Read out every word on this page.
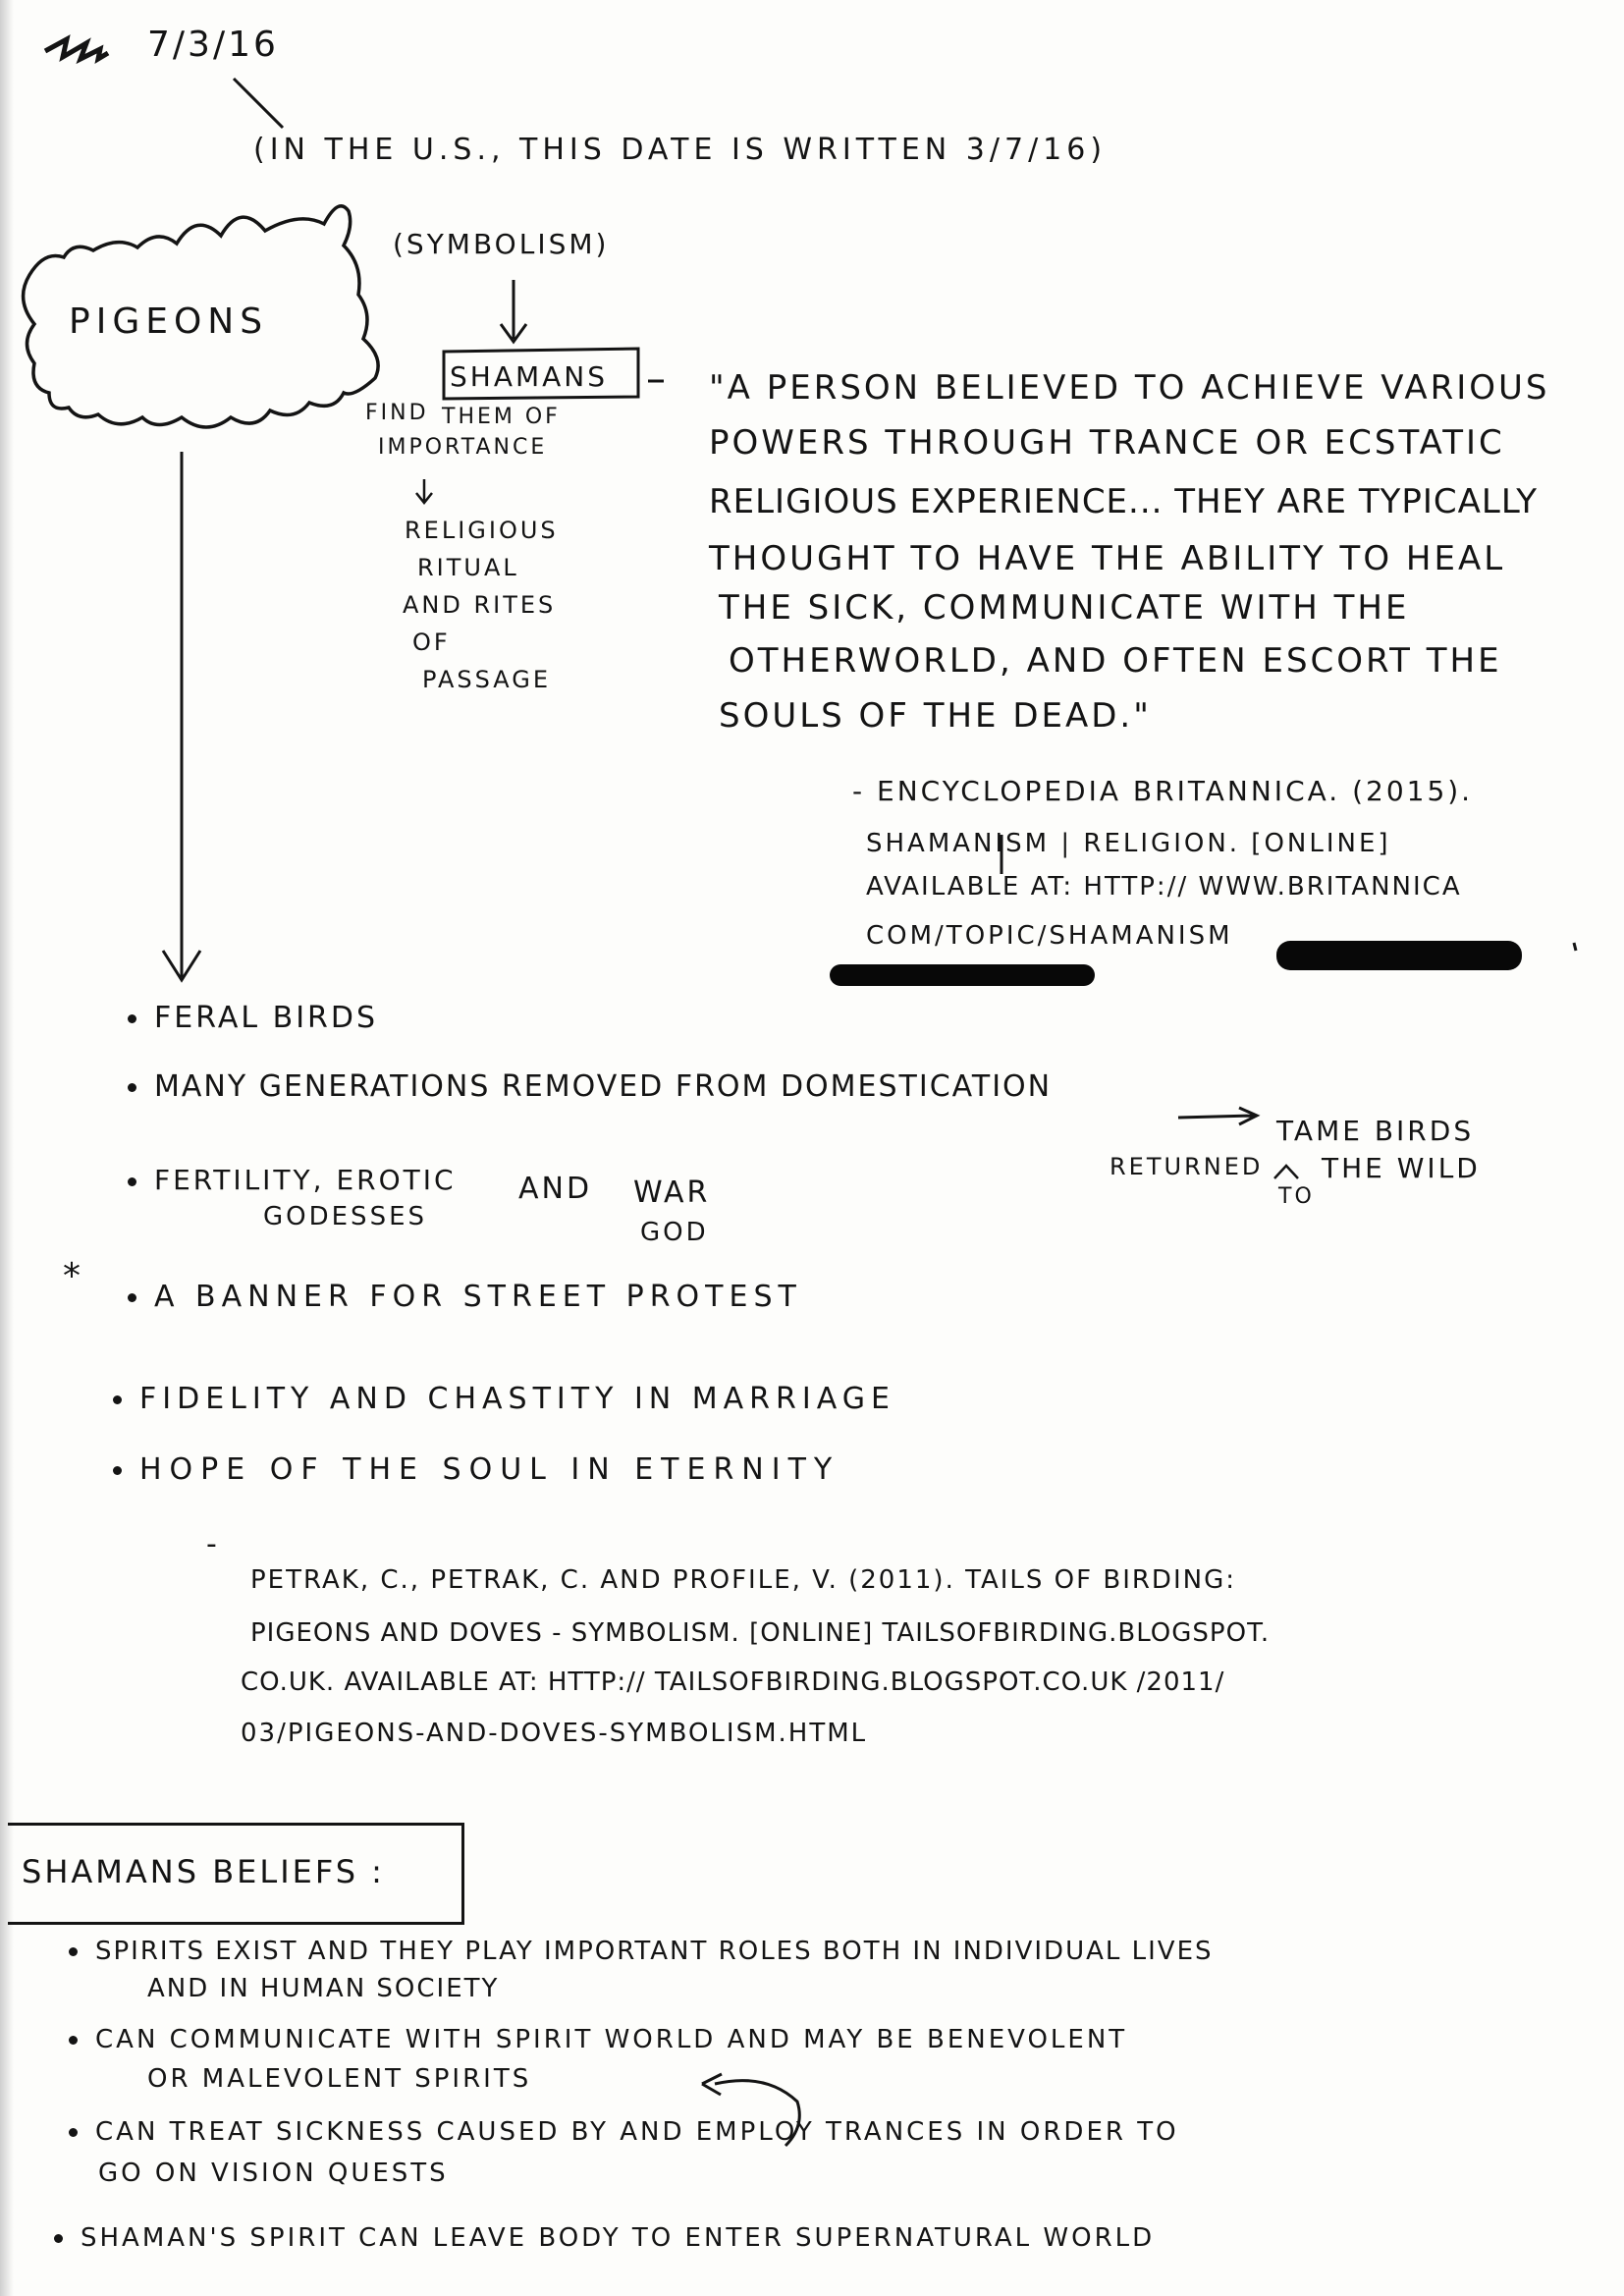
7/3/16
(IN THE U.S., THIS DATE IS WRITTEN 3/7/16)
PIGEONS
(SYMBOLISM)
SHAMANS
FIND THEM OF
IMPORTANCE
RELIGIOUS
RITUAL
AND RITES
OF
PASSAGE
"A PERSON BELIEVED TO ACHIEVE VARIOUS
POWERS THROUGH TRANCE OR ECSTATIC
RELIGIOUS EXPERIENCE... THEY ARE TYPICALLY
THOUGHT TO HAVE THE ABILITY TO HEAL
THE SICK, COMMUNICATE WITH THE
OTHERWORLD, AND OFTEN ESCORT THE
SOULS OF THE DEAD."
- ENCYCLOPEDIA BRITANNICA. (2015).
SHAMANISM | RELIGION. [ONLINE]
AVAILABLE AT: HTTP:// WWW.BRITANNICA
COM/TOPIC/SHAMANISM
FERAL BIRDS
MANY GENERATIONS REMOVED FROM DOMESTICATION
TAME BIRDS
RETURNED THE WILD
TO
FERTILITY, EROTIC
GODESSES
AND WAR
GOD
*
A BANNER FOR STREET PROTEST
FIDELITY AND CHASTITY IN MARRIAGE
HOPE OF THE SOUL IN ETERNITY
-
PETRAK, C., PETRAK, C. AND PROFILE, V. (2011). TAILS OF BIRDING:
PIGEONS AND DOVES - SYMBOLISM. [ONLINE] TAILSOFBIRDING.BLOGSPOT.
CO.UK. AVAILABLE AT: HTTP:// TAILSOFBIRDING.BLOGSPOT.CO.UK /2011/
03/PIGEONS-AND-DOVES-SYMBOLISM.HTML
SHAMANS BELIEFS :
SPIRITS EXIST AND THEY PLAY IMPORTANT ROLES BOTH IN INDIVIDUAL LIVES
AND IN HUMAN SOCIETY
CAN COMMUNICATE WITH SPIRIT WORLD AND MAY BE BENEVOLENT
OR MALEVOLENT SPIRITS
CAN TREAT SICKNESS CAUSED BY AND EMPLOY TRANCES IN ORDER TO
GO ON VISION QUESTS
SHAMAN'S SPIRIT CAN LEAVE BODY TO ENTER SUPERNATURAL WORLD
